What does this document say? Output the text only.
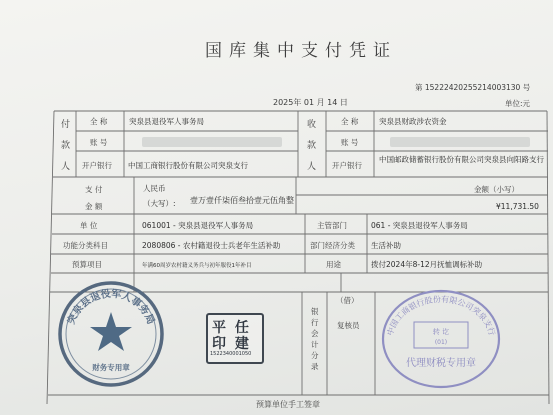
国库集中支付凭证
第 15222420255214003130 号
2025年 01 月 14 日	单位:元
付
款
人
全 称	突泉县退役军人事务局
账 号
开户银行 中国工商银行股份有限公司突泉支行
收
款
人
全 称	突泉县财政涉农资金
账 号
开户银行
中国邮政储蓄银行股份有限公司突泉县向阳路支行
支 付
金 额
人民币
（大写）: 壹万壹仟柒佰叁拾壹元伍角整
金额（小写）
¥11,731.50
单 位	061001 - 突泉县退役军人事务局	主管部门	061 - 突泉县退役军人事务局
功能分类科目	2080806 - 农村籍退役士兵老年生活补助	部门经济分类 生活补助
预算项目	年满60周岁农村籍义务兵与初年服役1年补目	用途	拨付2024年8-12月抚恤调标补助
（借）
银 行 会 计 分 录
复核员
预算单位手工签章
突泉县退役军人事务局
财务专用章
平 任
印 建
1522340001050
中国工商银行股份有限公司突泉支行
转 讫
(01)
代理财税专用章
